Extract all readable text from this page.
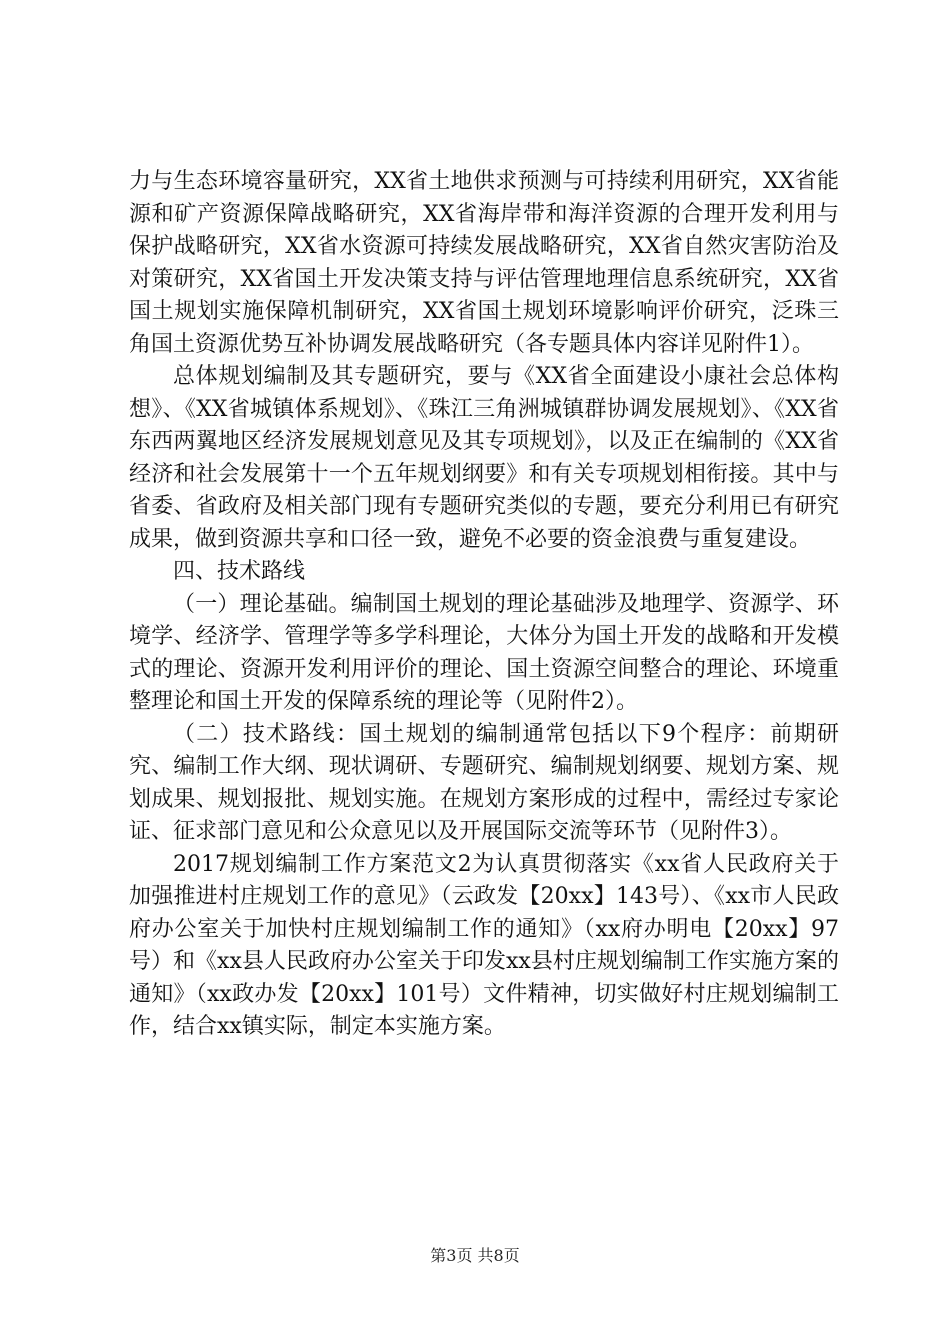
力与生态环境容量研究，XX省土地供求预测与可持续利用研究，XX省能源和矿产资源保障战略研究，XX省海岸带和海洋资源的合理开发利用与保护战略研究，XX省水资源可持续发展战略研究，XX省自然灾害防治及对策研究，XX省国土开发决策支持与评估管理地理信息系统研究，XX省国土规划实施保障机制研究，XX省国土规划环境影响评价研究，泛珠三角国土资源优势互补协调发展战略研究（各专题具体内容详见附件1）。

总体规划编制及其专题研究，要与《XX省全面建设小康社会总体构想》、《XX省城镇体系规划》、《珠江三角洲城镇群协调发展规划》、《XX省东西两翼地区经济发展规划意见及其专项规划》，以及正在编制的《XX省经济和社会发展第十一个五年规划纲要》和有关专项规划相衔接。其中与省委、省政府及相关部门现有专题研究类似的专题，要充分利用已有研究成果，做到资源共享和口径一致，避免不必要的资金浪费与重复建设。

四、技术路线

（一）理论基础。编制国土规划的理论基础涉及地理学、资源学、环境学、经济学、管理学等多学科理论，大体分为国土开发的战略和开发模式的理论、资源开发利用评价的理论、国土资源空间整合的理论、环境重整理论和国土开发的保障系统的理论等（见附件2）。

（二）技术路线：国土规划的编制通常包括以下9个程序：前期研究、编制工作大纲、现状调研、专题研究、编制规划纲要、规划方案、规划成果、规划报批、规划实施。在规划方案形成的过程中，需经过专家论证、征求部门意见和公众意见以及开展国际交流等环节（见附件3）。

2017规划编制工作方案范文2为认真贯彻落实《xx省人民政府关于加强推进村庄规划工作的意见》（云政发【20xx】143号）、《xx市人民政府办公室关于加快村庄规划编制工作的通知》（xx府办明电【20xx】97号）和《xx县人民政府办公室关于印发xx县村庄规划编制工作实施方案的通知》（xx政办发【20xx】101号）文件精神，切实做好村庄规划编制工作，结合xx镇实际，制定本实施方案。

第3页 共8页
